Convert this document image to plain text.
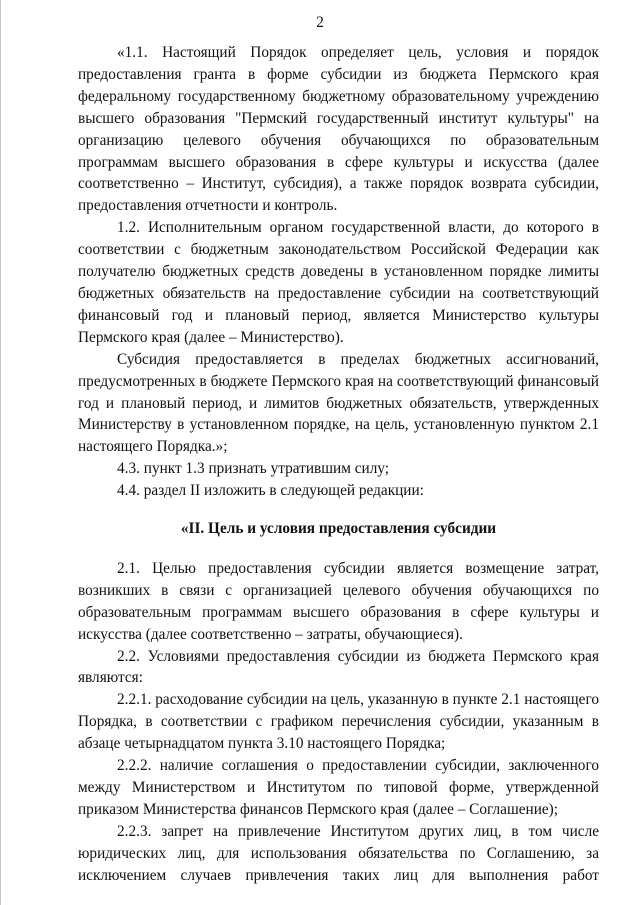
2

«1.1. Настоящий Порядок определяет цель, условия и порядок предоставления гранта в форме субсидии из бюджета Пермского края федеральному государственному бюджетному образовательному учреждению высшего образования "Пермский государственный институт культуры" на организацию целевого обучения обучающихся по образовательным программам высшего образования в сфере культуры и искусства (далее соответственно – Институт, субсидия), а также порядок возврата субсидии, предоставления отчетности и контроль.

1.2. Исполнительным органом государственной власти, до которого в соответствии с бюджетным законодательством Российской Федерации как получателю бюджетных средств доведены в установленном порядке лимиты бюджетных обязательств на предоставление субсидии на соответствующий финансовый год и плановый период, является Министерство культуры Пермского края (далее – Министерство).

Субсидия предоставляется в пределах бюджетных ассигнований, предусмотренных в бюджете Пермского края на соответствующий финансовый год и плановый период, и лимитов бюджетных обязательств, утвержденных Министерству в установленном порядке, на цель, установленную пунктом 2.1 настоящего Порядка.»;

4.3. пункт 1.3 признать утратившим силу;

4.4. раздел II изложить в следующей редакции:

«II. Цель и условия предоставления субсидии

2.1. Целью предоставления субсидии является возмещение затрат, возникших в связи с организацией целевого обучения обучающихся по образовательным программам высшего образования в сфере культуры и искусства (далее соответственно – затраты, обучающиеся).

2.2. Условиями предоставления субсидии из бюджета Пермского края являются:

2.2.1. расходование субсидии на цель, указанную в пункте 2.1 настоящего Порядка, в соответствии с графиком перечисления субсидии, указанным в абзаце четырнадцатом пункта 3.10 настоящего Порядка;

2.2.2. наличие соглашения о предоставлении субсидии, заключенного между Министерством и Институтом по типовой форме, утвержденной приказом Министерства финансов Пермского края (далее – Соглашение);

2.2.3. запрет на привлечение Институтом других лиц, в том числе юридических лиц, для использования обязательства по Соглашению, за исключением случаев привлечения таких лиц для выполнения работ
